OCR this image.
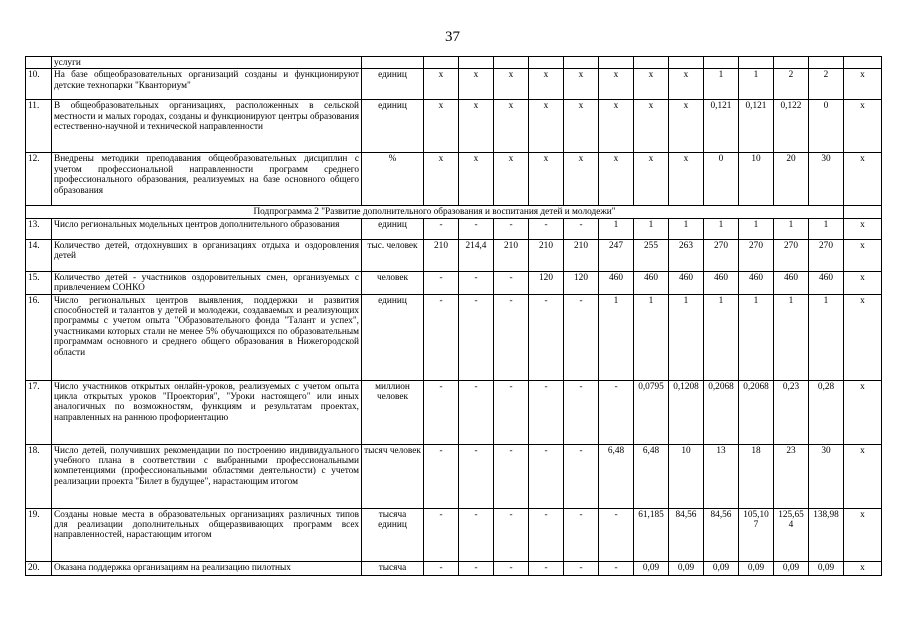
37
	услуги														
10.	На базе общеобразовательных организаций созданы и функционируют детские технопарки "Кванториум"	единиц	х	х	х	х	х	х	х	х	1	1	2	2	х
11.	В общеобразовательных организациях, расположенных в сельской местности и малых городах, созданы и функционируют центры образования естественно-научной и технической направленности	единиц	х	х	х	х	х	х	х	х	0,121	0,121	0,122	0	х
12.	Внедрены методики преподавания общеобразовательных дисциплин с учетом профессиональной направленности программ среднего профессионального образования, реализуемых на базе основного общего образования	%	х	х	х	х	х	х	х	х	0	10	20	30	х
Подпрограмма 2 "Развитие дополнительного образования и воспитания детей и молодежи"															
13.	Число региональных модельных центров дополнительного образования	единиц	-	-	-	-	-	1	1	1	1	1	1	1	х
14.	Количество детей, отдохнувших в организациях отдыха и оздоровления детей	тыс. человек	210	214,4	210	210	210	247	255	263	270	270	270	270	х
15.	Количество детей - участников оздоровительных смен, организуемых с привлечением СОНКО	человек	-	-	-	120	120	460	460	460	460	460	460	460	х
16.	Число региональных центров выявления, поддержки и развития способностей и талантов у детей и молодежи, создаваемых и реализующих программы с учетом опыта "Образовательного фонда "Талант и успех", участниками которых стали не менее 5% обучающихся по образовательным программам основного и среднего общего образования в Нижегородской области	единиц	-	-	-	-	-	1	1	1	1	1	1	1	х
17.	Число участников открытых онлайн-уроков, реализуемых с учетом опыта цикла открытых уроков "Проектория", "Уроки настоящего" или иных аналогичных по возможностям, функциям и результатам проектах, направленных на раннюю профориентацию	миллион человек	-	-	-	-	-	-	0,0795	0,1208	0,2068	0,2068	0,23	0,28	х
18.	Число детей, получивших рекомендации по построению индивидуального учебного плана в соответствии с выбранными профессиональными компетенциями (профессиональными областями деятельности) с учетом реализации проекта "Билет в будущее", нарастающим итогом	тысяч человек	-	-	-	-	-	6,48	6,48	10	13	18	23	30	х
19.	Созданы новые места в образовательных организациях различных типов для реализации дополнительных общеразвивающих программ всех направленностей, нарастающим итогом	тысяча единиц	-	-	-	-	-	-	61,185	84,56	84,56	105,107	125,654	138,98	х
20.	Оказана поддержка организациям на реализацию пилотных	тысяча	-	-	-	-	-	-	0,09	0,09	0,09	0,09	0,09	0,09	х
